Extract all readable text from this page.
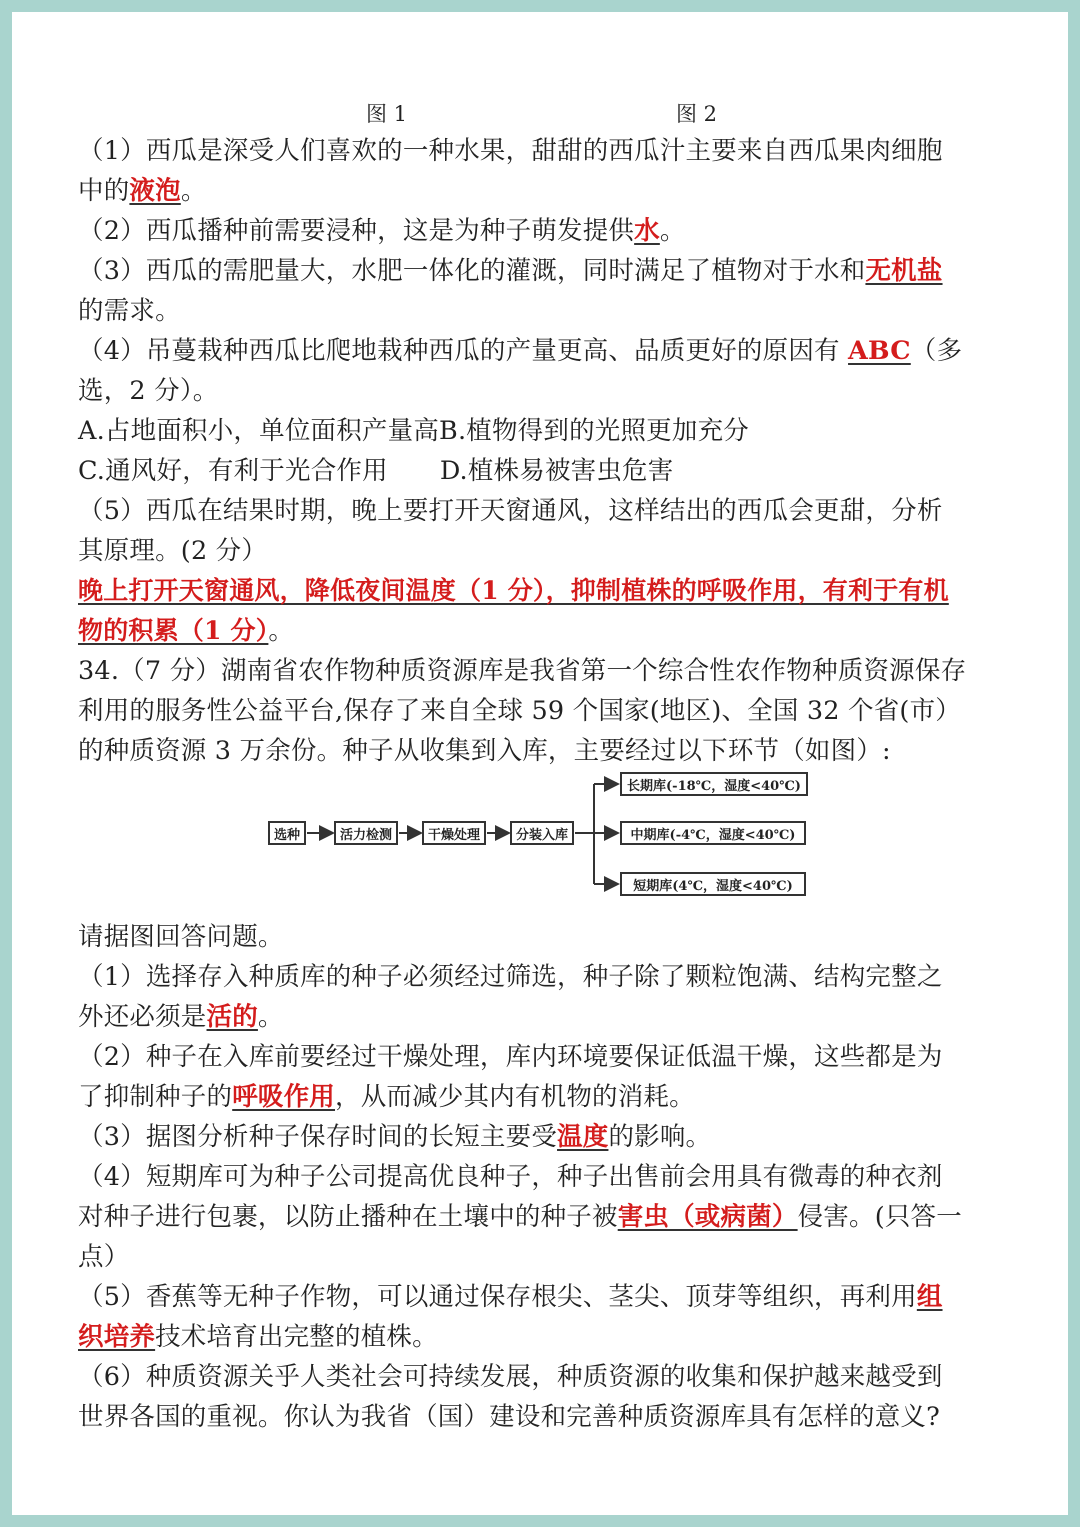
图 1	图 2
（1）西瓜是深受人们喜欢的一种水果，甜甜的西瓜汁主要来自西瓜果肉细胞
中的液泡。
（2）西瓜播种前需要浸种，这是为种子萌发提供水。
（3）西瓜的需肥量大，水肥一体化的灌溉，同时满足了植物对于水和无机盐
的需求。
（4）吊蔓栽种西瓜比爬地栽种西瓜的产量更高、品质更好的原因有 ABC（多
选，2 分）。
A.占地面积小，单位面积产量高B.植物得到的光照更加充分
C.通风好，有利于光合作用 D.植株易被害虫危害
（5）西瓜在结果时期，晚上要打开天窗通风，这样结出的西瓜会更甜，分析
其原理。(2 分）
晚上打开天窗通风，降低夜间温度（1 分），抑制植株的呼吸作用，有利于有机
物的积累（1 分）。
34.（7 分）湖南省农作物种质资源库是我省第一个综合性农作物种质资源保存
利用的服务性公益平台,保存了来自全球 59 个国家(地区)、全国 32 个省(市）
的种质资源 3 万余份。种子从收集到入库，主要经过以下环节（如图）:
选种	活力检测	干燥处理	分装入库
长期库(-18℃，湿度<40℃)
中期库(-4℃，湿度<40℃)
短期库(4℃，湿度<40℃)
请据图回答问题。
（1）选择存入种质库的种子必须经过筛选，种子除了颗粒饱满、结构完整之
外还必须是活的。
（2）种子在入库前要经过干燥处理，库内环境要保证低温干燥，这些都是为
了抑制种子的呼吸作用，从而减少其内有机物的消耗。
（3）据图分析种子保存时间的长短主要受温度的影响。
（4）短期库可为种子公司提高优良种子，种子出售前会用具有微毒的种衣剂
对种子进行包裹，以防止播种在土壤中的种子被害虫（或病菌）侵害。(只答一
点）
（5）香蕉等无种子作物，可以通过保存根尖、茎尖、顶芽等组织，再利用组
织培养技术培育出完整的植株。
（6）种质资源关乎人类社会可持续发展，种质资源的收集和保护越来越受到
世界各国的重视。你认为我省（国）建设和完善种质资源库具有怎样的意义?
